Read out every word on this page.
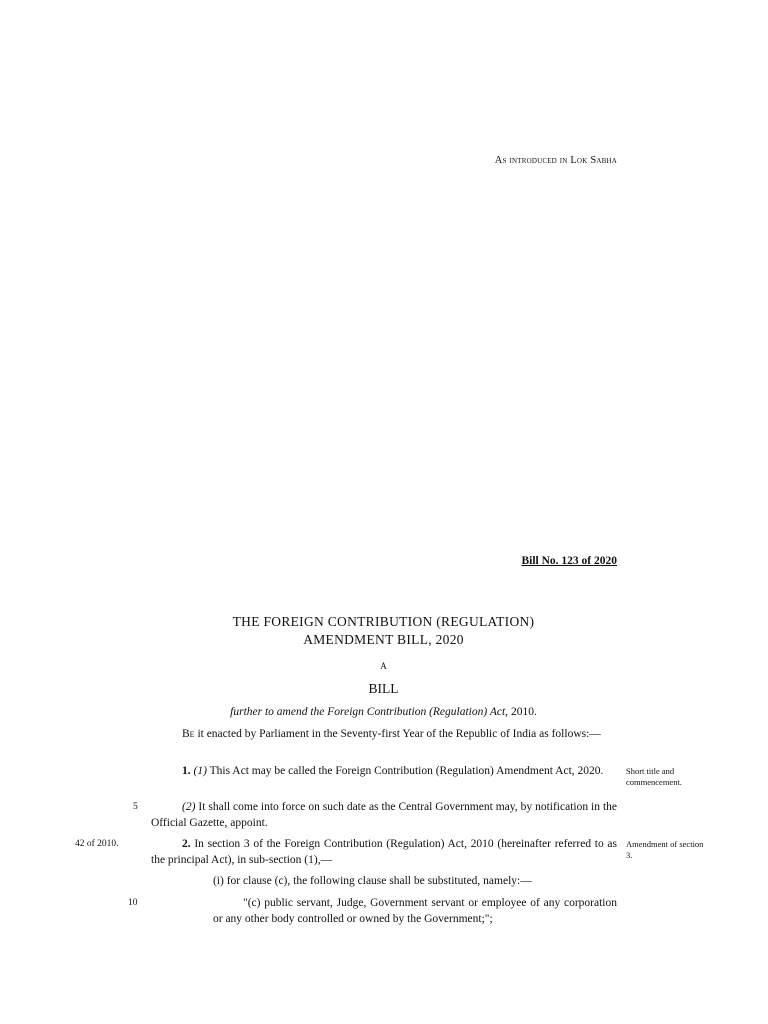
As introduced in Lok Sabha
Bill No. 123 of 2020
THE FOREIGN CONTRIBUTION (REGULATION)
AMENDMENT BILL, 2020
A
BILL
further to amend the Foreign Contribution (Regulation) Act, 2010.
Be it enacted by Parliament in the Seventy-first Year of the Republic of India as follows:—
1. (1) This Act may be called the Foreign Contribution (Regulation) Amendment Act, 2020.	Short title and commencement.
5	(2) It shall come into force on such date as the Central Government may, by notification in the Official Gazette, appoint.
42 of 2010.	2. In section 3 of the Foreign Contribution (Regulation) Act, 2010 (hereinafter referred to as the principal Act), in sub-section (1),—
Amendment of section 3.
(i) for clause (c), the following clause shall be substituted, namely:—
10	"(c) public servant, Judge, Government servant or employee of any corporation or any other body controlled or owned by the Government;";
